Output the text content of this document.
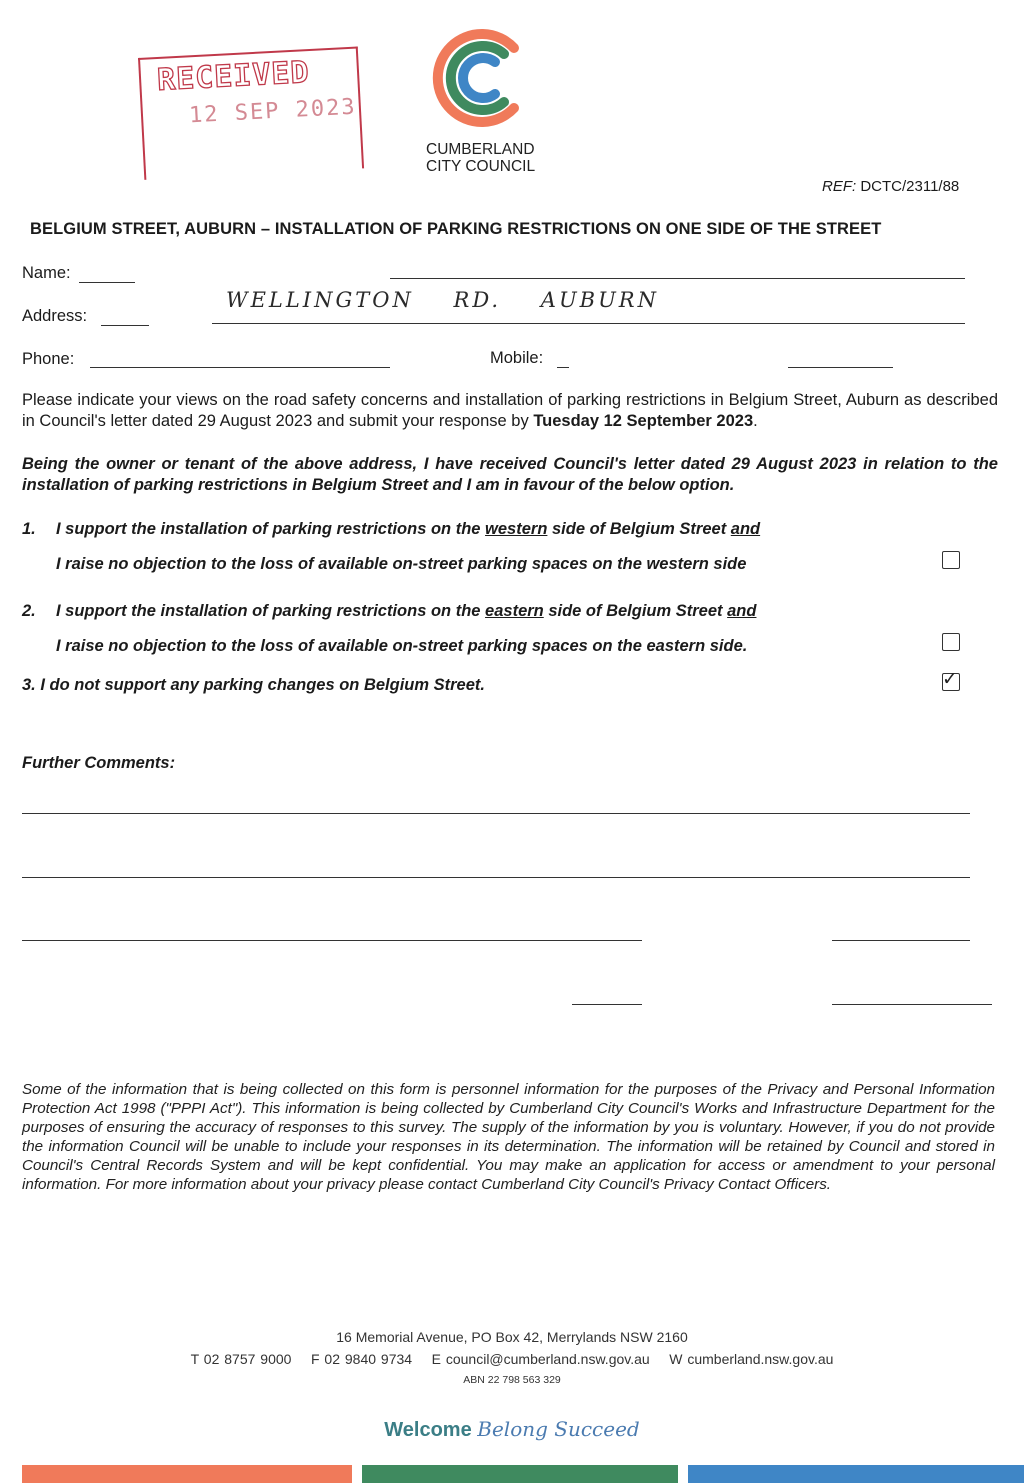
RECEIVED
12 SEP 2023
CUMBERLAND
CITY COUNCIL
REF: DCTC/2311/88
BELGIUM STREET, AUBURN – INSTALLATION OF PARKING RESTRICTIONS ON ONE SIDE OF THE STREET
Name:
Address:
WELLINGTON RD. AUBURN
Phone:	Mobile:
Please indicate your views on the road safety concerns and installation of parking restrictions in Belgium Street, Auburn as described in Council's letter dated 29 August 2023 and submit your response by Tuesday 12 September 2023.
Being the owner or tenant of the above address, I have received Council's letter dated 29 August 2023 in relation to the installation of parking restrictions in Belgium Street and I am in favour of the below option.
1. I support the installation of parking restrictions on the western side of Belgium Street and
I raise no objection to the loss of available on-street parking spaces on the western side
2. I support the installation of parking restrictions on the eastern side of Belgium Street and
I raise no objection to the loss of available on-street parking spaces on the eastern side.
3. I do not support any parking changes on Belgium Street.	✓
Further Comments:
Some of the information that is being collected on this form is personnel information for the purposes of the Privacy and Personal Information Protection Act 1998 ("PPPI Act"). This information is being collected by Cumberland City Council's Works and Infrastructure Department for the purposes of ensuring the accuracy of responses to this survey. The supply of the information by you is voluntary. However, if you do not provide the information Council will be unable to include your responses in its determination. The information will be retained by Council and stored in Council's Central Records System and will be kept confidential. You may make an application for access or amendment to your personal information. For more information about your privacy please contact Cumberland City Council's Privacy Contact Officers.
16 Memorial Avenue, PO Box 42, Merrylands NSW 2160
T 02 8757 9000    F 02 9840 9734    E council@cumberland.nsw.gov.au    W cumberland.nsw.gov.au
ABN 22 798 563 329
Welcome Belong Succeed
